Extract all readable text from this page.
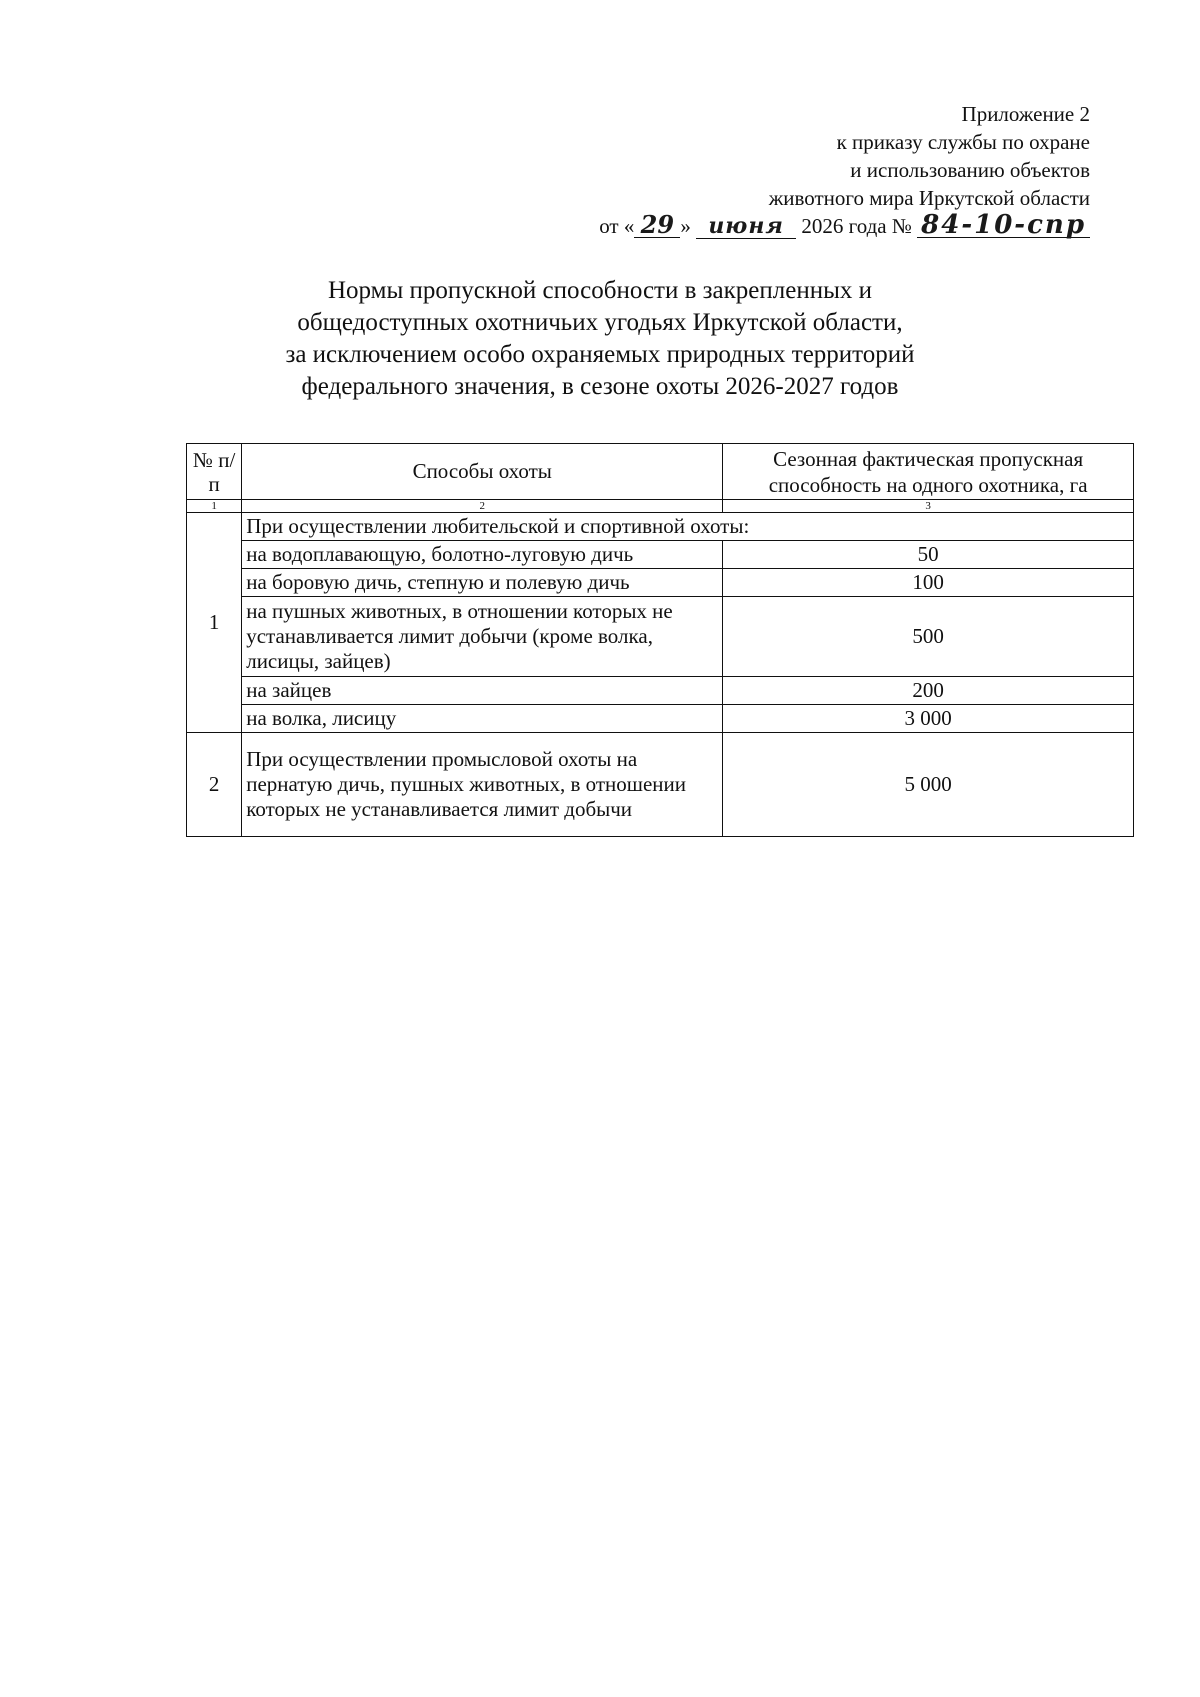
Приложение 2
к приказу службы по охране
и использованию объектов
животного мира Иркутской области
от « 29 » июня 2026 года № 84-10-спр
Нормы пропускной способности в закрепленных и
общедоступных охотничьих угодьях Иркутской области,
за исключением особо охраняемых природных территорий
федерального значения, в сезоне охоты 2026-2027 годов
№ п/п	Способы охоты	Сезонная фактическая пропускная способность на одного охотника, га
1	2	3
1	При осуществлении любительской и спортивной охоты:	
	на водоплавающую, болотно-луговую дичь	50
	на боровую дичь, степную и полевую дичь	100
	на пушных животных, в отношении которых не устанавливается лимит добычи (кроме волка, лисицы, зайцев)	500
	на зайцев	200
	на волка, лисицу	3 000
2	При осуществлении промысловой охоты на пернатую дичь, пушных животных, в отношении которых не устанавливается лимит добычи	5 000
